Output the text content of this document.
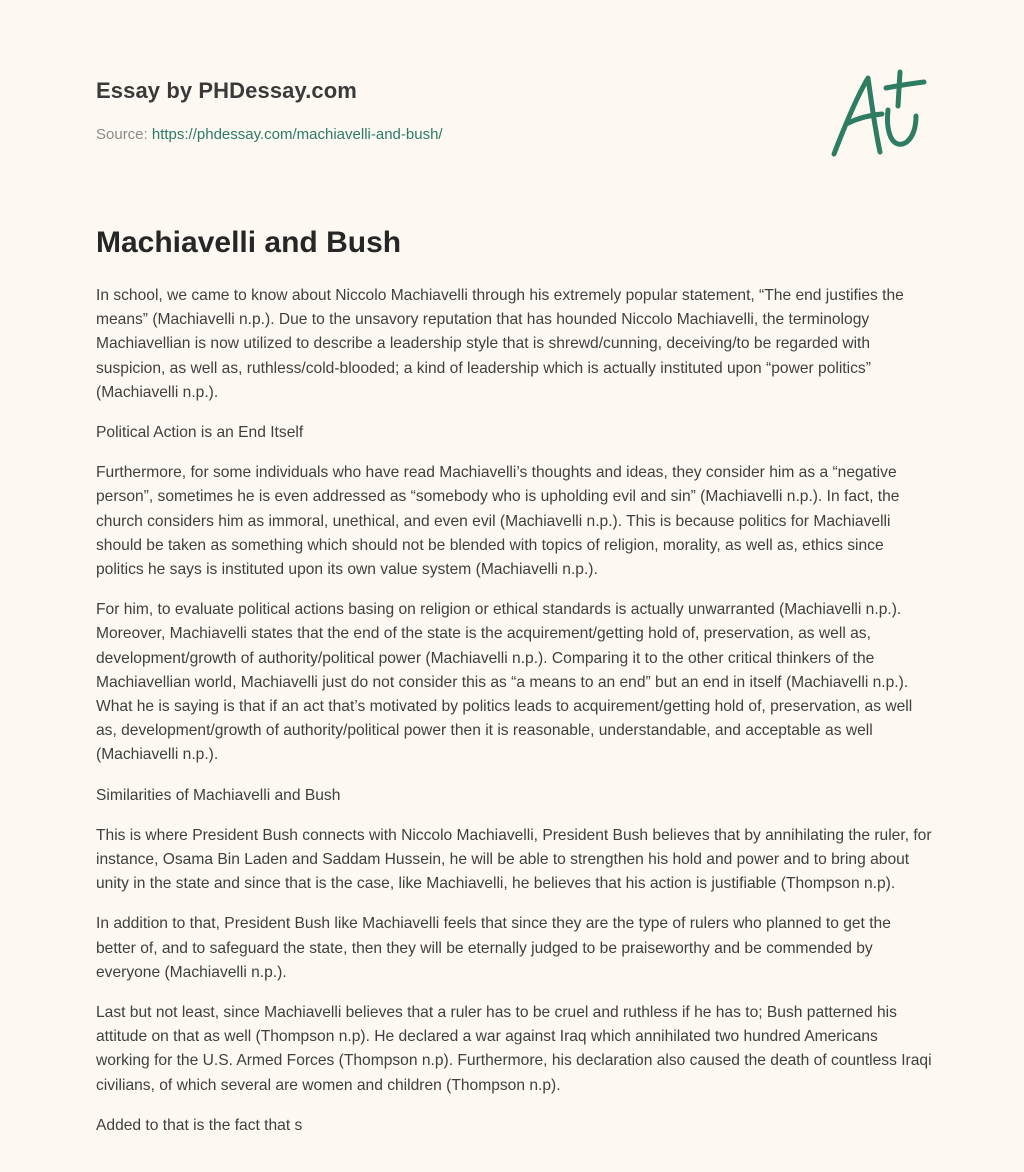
Essay by PHDessay.com
Source: https://phdessay.com/machiavelli-and-bush/
Machiavelli and Bush

In school, we came to know about Niccolo Machiavelli through his extremely popular statement, “The end justifies the means” (Machiavelli n.p.). Due to the unsavory reputation that has hounded Niccolo Machiavelli, the terminology Machiavellian is now utilized to describe a leadership style that is shrewd/cunning, deceiving/to be regarded with suspicion, as well as, ruthless/cold-blooded; a kind of leadership which is actually instituted upon “power politics” (Machiavelli n.p.).

Political Action is an End Itself

Furthermore, for some individuals who have read Machiavelli’s thoughts and ideas, they consider him as a “negative person”, sometimes he is even addressed as “somebody who is upholding evil and sin” (Machiavelli n.p.). In fact, the church considers him as immoral, unethical, and even evil (Machiavelli n.p.). This is because politics for Machiavelli should be taken as something which should not be blended with topics of religion, morality, as well as, ethics since politics he says is instituted upon its own value system (Machiavelli n.p.).

For him, to evaluate political actions basing on religion or ethical standards is actually unwarranted (Machiavelli n.p.). Moreover, Machiavelli states that the end of the state is the acquirement/getting hold of, preservation, as well as, development/growth of authority/political power (Machiavelli n.p.). Comparing it to the other critical thinkers of the Machiavellian world, Machiavelli just do not consider this as “a means to an end” but an end in itself (Machiavelli n.p.). What he is saying is that if an act that’s motivated by politics leads to acquirement/getting hold of, preservation, as well as, development/growth of authority/political power then it is reasonable, understandable, and acceptable as well (Machiavelli n.p.).

Similarities of Machiavelli and Bush

This is where President Bush connects with Niccolo Machiavelli, President Bush believes that by annihilating the ruler, for instance, Osama Bin Laden and Saddam Hussein, he will be able to strengthen his hold and power and to bring about unity in the state and since that is the case, like Machiavelli, he believes that his action is justifiable (Thompson n.p).

In addition to that, President Bush like Machiavelli feels that since they are the type of rulers who planned to get the better of, and to safeguard the state, then they will be eternally judged to be praiseworthy and be commended by everyone (Machiavelli n.p.).

Last but not least, since Machiavelli believes that a ruler has to be cruel and ruthless if he has to; Bush patterned his attitude on that as well (Thompson n.p). He declared a war against Iraq which annihilated two hundred Americans working for the U.S. Armed Forces (Thompson n.p). Furthermore, his declaration also caused the death of countless Iraqi civilians, of which several are women and children (Thompson n.p).

Added to that is the fact that s
